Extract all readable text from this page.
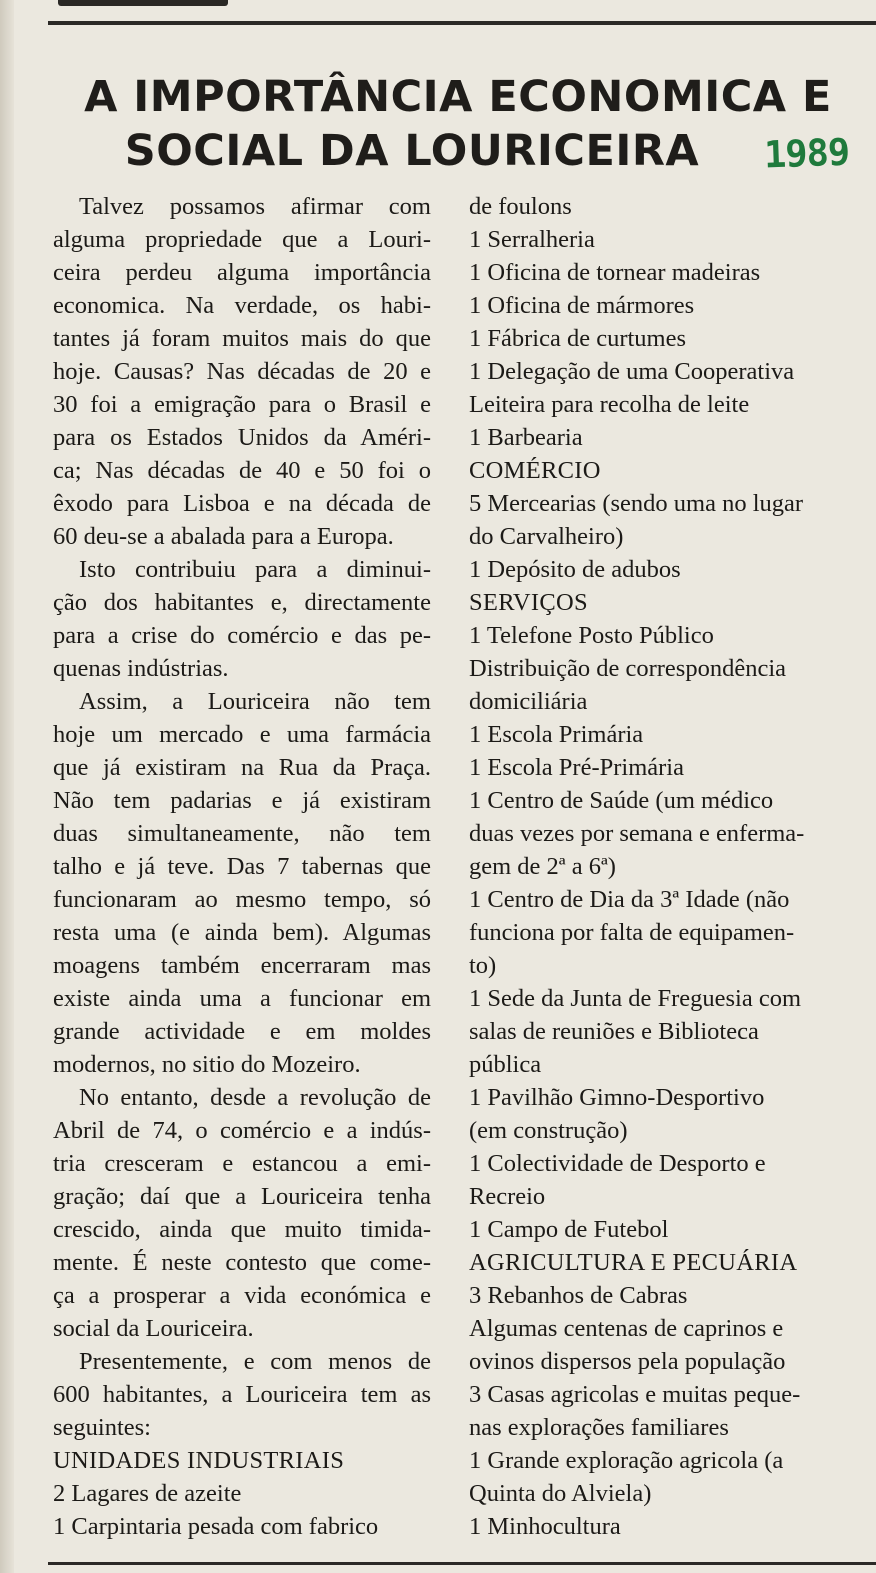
A IMPORTÂNCIA ECONOMICA E
SOCIAL DA LOURICEIRA	1989
Talvez possamos afirmar com
alguma propriedade que a Louri-
ceira perdeu alguma importância
economica. Na verdade, os habi-
tantes já foram muitos mais do que
hoje. Causas? Nas décadas de 20 e
30 foi a emigração para o Brasil e
para os Estados Unidos da Améri-
ca; Nas décadas de 40 e 50 foi o
êxodo para Lisboa e na década de
60 deu-se a abalada para a Europa.
Isto contribuiu para a diminui-
ção dos habitantes e, directamente
para a crise do comércio e das pe-
quenas indústrias.
Assim, a Louriceira não tem
hoje um mercado e uma farmácia
que já existiram na Rua da Praça.
Não tem padarias e já existiram
duas simultaneamente, não tem
talho e já teve. Das 7 tabernas que
funcionaram ao mesmo tempo, só
resta uma (e ainda bem). Algumas
moagens também encerraram mas
existe ainda uma a funcionar em
grande actividade e em moldes
modernos, no sitio do Mozeiro.
No entanto, desde a revolução de
Abril de 74, o comércio e a indús-
tria cresceram e estancou a emi-
gração; daí que a Louriceira tenha
crescido, ainda que muito timida-
mente. É neste contesto que come-
ça a prosperar a vida económica e
social da Louriceira.
Presentemente, e com menos de
600 habitantes, a Louriceira tem as
seguintes:
UNIDADES INDUSTRIAIS
2 Lagares de azeite
1 Carpintaria pesada com fabrico
de foulons
1 Serralheria
1 Oficina de tornear madeiras
1 Oficina de mármores
1 Fábrica de curtumes
1 Delegação de uma Cooperativa
Leiteira para recolha de leite
1 Barbearia
COMÉRCIO
5 Mercearias (sendo uma no lugar
do Carvalheiro)
1 Depósito de adubos
SERVIÇOS
1 Telefone Posto Público
Distribuição de correspondência
domiciliária
1 Escola Primária
1 Escola Pré-Primária
1 Centro de Saúde (um médico
duas vezes por semana e enferma-
gem de 2ª a 6ª)
1 Centro de Dia da 3ª Idade (não
funciona por falta de equipamen-
to)
1 Sede da Junta de Freguesia com
salas de reuniões e Biblioteca
pública
1 Pavilhão Gimno-Desportivo
(em construção)
1 Colectividade de Desporto e
Recreio
1 Campo de Futebol
AGRICULTURA E PECUÁRIA
3 Rebanhos de Cabras
Algumas centenas de caprinos e
ovinos dispersos pela população
3 Casas agricolas e muitas peque-
nas explorações familiares
1 Grande exploração agricola (a
Quinta do Alviela)
1 Minhocultura
